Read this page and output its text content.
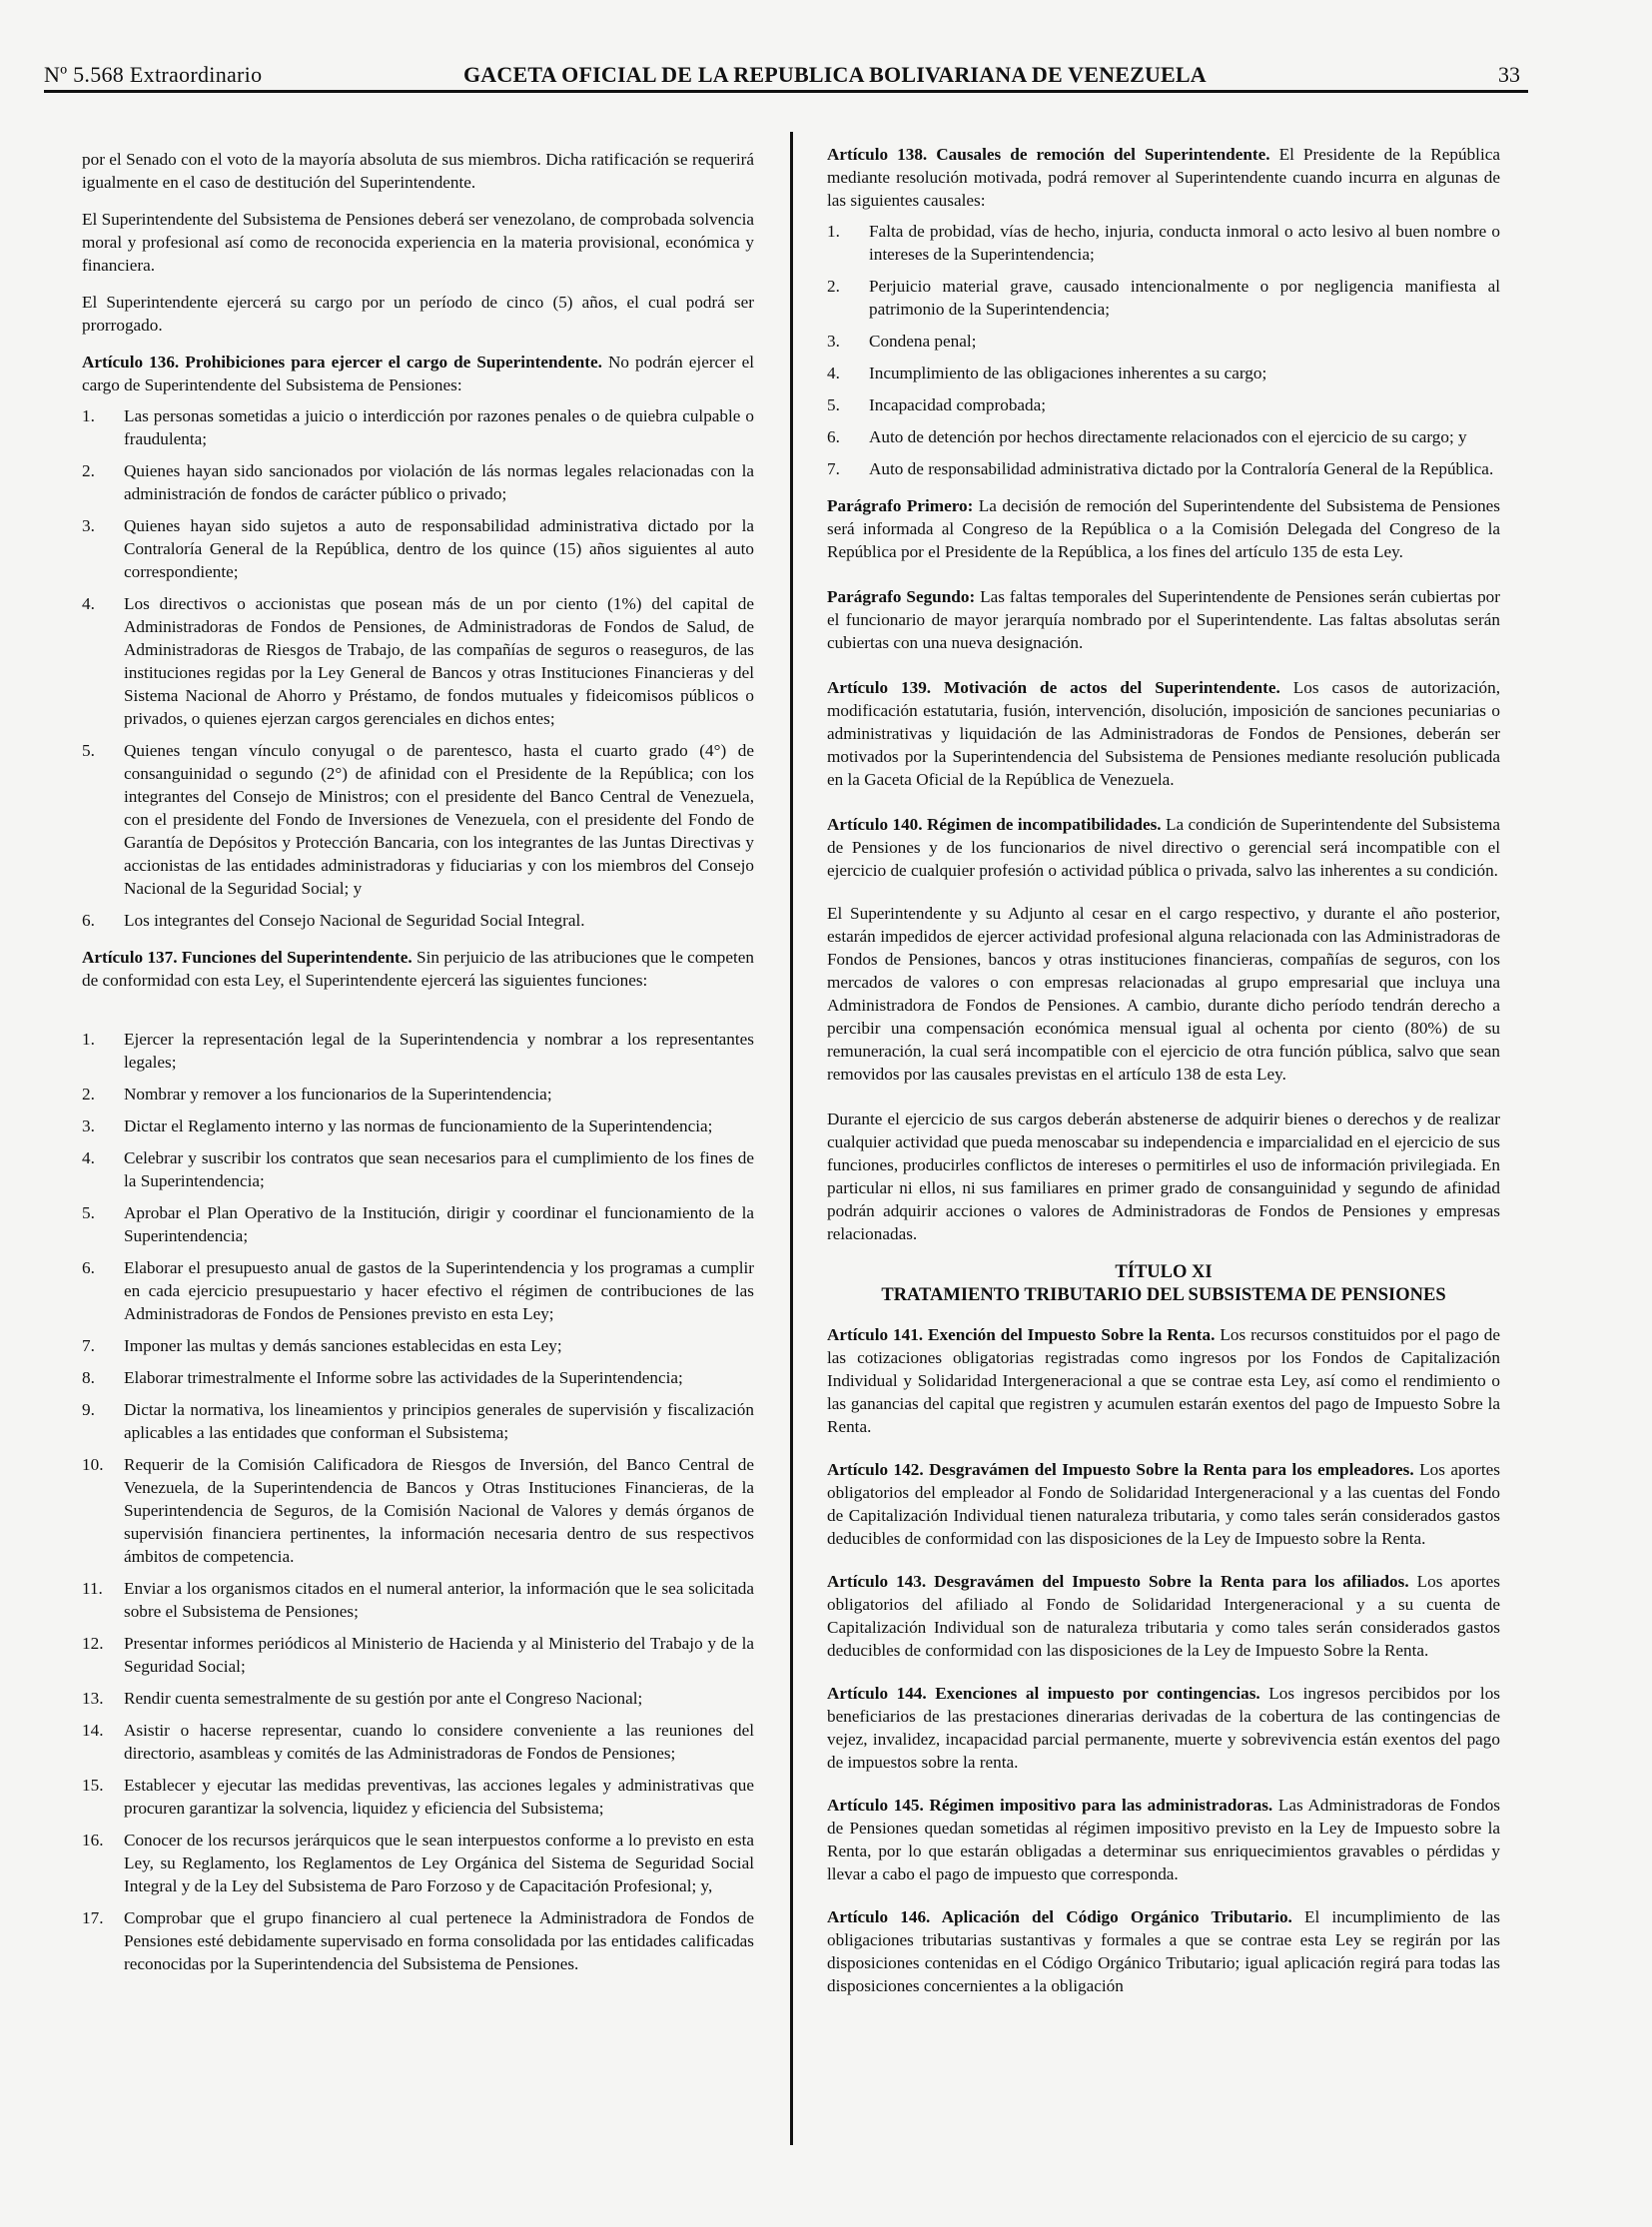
Nº 5.568 Extraordinario	GACETA OFICIAL DE LA REPUBLICA BOLIVARIANA DE VENEZUELA	33

por el Senado con el voto de la mayoría absoluta de sus miembros. Dicha ratificación se requerirá igualmente en el caso de destitución del Superintendente.

El Superintendente del Subsistema de Pensiones deberá ser venezolano, de comprobada solvencia moral y profesional así como de reconocida experiencia en la materia provisional, económica y financiera.

El Superintendente ejercerá su cargo por un período de cinco (5) años, el cual podrá ser prorrogado.

Artículo 136. Prohibiciones para ejercer el cargo de Superintendente. No podrán ejercer el cargo de Superintendente del Subsistema de Pensiones:

1.	Las personas sometidas a juicio o interdicción por razones penales o de quiebra culpable o fraudulenta;
2.	Quienes hayan sido sancionados por violación de lás normas legales relacionadas con la administración de fondos de carácter público o privado;
3.	Quienes hayan sido sujetos a auto de responsabilidad administrativa dictado por la Contraloría General de la República, dentro de los quince (15) años siguientes al auto correspondiente;
4.	Los directivos o accionistas que posean más de un por ciento (1%) del capital de Administradoras de Fondos de Pensiones, de Administradoras de Fondos de Salud, de Administradoras de Riesgos de Trabajo, de las compañías de seguros o reaseguros, de las instituciones regidas por la Ley General de Bancos y otras Instituciones Financieras y del Sistema Nacional de Ahorro y Préstamo, de fondos mutuales y fideicomisos públicos o privados, o quienes ejerzan cargos gerenciales en dichos entes;
5.	Quienes tengan vínculo conyugal o de parentesco, hasta el cuarto grado (4°) de consanguinidad o segundo (2°) de afinidad con el Presidente de la República; con los integrantes del Consejo de Ministros; con el presidente del Banco Central de Venezuela, con el presidente del Fondo de Inversiones de Venezuela, con el presidente del Fondo de Garantía de Depósitos y Protección Bancaria, con los integrantes de las Juntas Directivas y accionistas de las entidades administradoras y fiduciarias y con los miembros del Consejo Nacional de la Seguridad Social; y
6.	Los integrantes del Consejo Nacional de Seguridad Social Integral.

Artículo 137. Funciones del Superintendente. Sin perjuicio de las atribuciones que le competen de conformidad con esta Ley, el Superintendente ejercerá las siguientes funciones:

1.	Ejercer la representación legal de la Superintendencia y nombrar a los representantes legales;
2.	Nombrar y remover a los funcionarios de la Superintendencia;
3.	Dictar el Reglamento interno y las normas de funcionamiento de la Superintendencia;
4.	Celebrar y suscribir los contratos que sean necesarios para el cumplimiento de los fines de la Superintendencia;
5.	Aprobar el Plan Operativo de la Institución, dirigir y coordinar el funcionamiento de la Superintendencia;
6.	Elaborar el presupuesto anual de gastos de la Superintendencia y los programas a cumplir en cada ejercicio presupuestario y hacer efectivo el régimen de contribuciones de las Administradoras de Fondos de Pensiones previsto en esta Ley;
7.	Imponer las multas y demás sanciones establecidas en esta Ley;
8.	Elaborar trimestralmente el Informe sobre las actividades de la Superintendencia;
9.	Dictar la normativa, los lineamientos y principios generales de supervisión y fiscalización aplicables a las entidades que conforman el Subsistema;
10.	Requerir de la Comisión Calificadora de Riesgos de Inversión, del Banco Central de Venezuela, de la Superintendencia de Bancos y Otras Instituciones Financieras, de la Superintendencia de Seguros, de la Comisión Nacional de Valores y demás órganos de supervisión financiera pertinentes, la información necesaria dentro de sus respectivos ámbitos de competencia.
11.	Enviar a los organismos citados en el numeral anterior, la información que le sea solicitada sobre el Subsistema de Pensiones;
12.	Presentar informes periódicos al Ministerio de Hacienda y al Ministerio del Trabajo y de la Seguridad Social;
13.	Rendir cuenta semestralmente de su gestión por ante el Congreso Nacional;
14.	Asistir o hacerse representar, cuando lo considere conveniente a las reuniones del directorio, asambleas y comités de las Administradoras de Fondos de Pensiones;
15.	Establecer y ejecutar las medidas preventivas, las acciones legales y administrativas que procuren garantizar la solvencia, liquidez y eficiencia del Subsistema;
16.	Conocer de los recursos jerárquicos que le sean interpuestos conforme a lo previsto en esta Ley, su Reglamento, los Reglamentos de Ley Orgánica del Sistema de Seguridad Social Integral y de la Ley del Subsistema de Paro Forzoso y de Capacitación Profesional; y,
17.	Comprobar que el grupo financiero al cual pertenece la Administradora de Fondos de Pensiones esté debidamente supervisado en forma consolidada por las entidades calificadas reconocidas por la Superintendencia del Subsistema de Pensiones.

Artículo 138. Causales de remoción del Superintendente. El Presidente de la República mediante resolución motivada, podrá remover al Superintendente cuando incurra en algunas de las siguientes causales:

1.	Falta de probidad, vías de hecho, injuria, conducta inmoral o acto lesivo al buen nombre o intereses de la Superintendencia;
2.	Perjuicio material grave, causado intencionalmente o por negligencia manifiesta al patrimonio de la Superintendencia;
3.	Condena penal;
4.	Incumplimiento de las obligaciones inherentes a su cargo;
5.	Incapacidad comprobada;
6.	Auto de detención por hechos directamente relacionados con el ejercicio de su cargo; y
7.	Auto de responsabilidad administrativa dictado por la Contraloría General de la República.

Parágrafo Primero: La decisión de remoción del Superintendente del Subsistema de Pensiones será informada al Congreso de la República o a la Comisión Delegada del Congreso de la República por el Presidente de la República, a los fines del artículo 135 de esta Ley.

Parágrafo Segundo: Las faltas temporales del Superintendente de Pensiones serán cubiertas por el funcionario de mayor jerarquía nombrado por el Superintendente. Las faltas absolutas serán cubiertas con una nueva designación.

Artículo 139. Motivación de actos del Superintendente. Los casos de autorización, modificación estatutaria, fusión, intervención, disolución, imposición de sanciones pecuniarias o administrativas y liquidación de las Administradoras de Fondos de Pensiones, deberán ser motivados por la Superintendencia del Subsistema de Pensiones mediante resolución publicada en la Gaceta Oficial de la República de Venezuela.

Artículo 140. Régimen de incompatibilidades. La condición de Superintendente del Subsistema de Pensiones y de los funcionarios de nivel directivo o gerencial será incompatible con el ejercicio de cualquier profesión o actividad pública o privada, salvo las inherentes a su condición.

El Superintendente y su Adjunto al cesar en el cargo respectivo, y durante el año posterior, estarán impedidos de ejercer actividad profesional alguna relacionada con las Administradoras de Fondos de Pensiones, bancos y otras instituciones financieras, compañías de seguros, con los mercados de valores o con empresas relacionadas al grupo empresarial que incluya una Administradora de Fondos de Pensiones. A cambio, durante dicho período tendrán derecho a percibir una compensación económica mensual igual al ochenta por ciento (80%) de su remuneración, la cual será incompatible con el ejercicio de otra función pública, salvo que sean removidos por las causales previstas en el artículo 138 de esta Ley.

Durante el ejercicio de sus cargos deberán abstenerse de adquirir bienes o derechos y de realizar cualquier actividad que pueda menoscabar su independencia e imparcialidad en el ejercicio de sus funciones, producirles conflictos de intereses o permitirles el uso de información privilegiada. En particular ni ellos, ni sus familiares en primer grado de consanguinidad y segundo de afinidad podrán adquirir acciones o valores de Administradoras de Fondos de Pensiones y empresas relacionadas.

TÍTULO XI
TRATAMIENTO TRIBUTARIO DEL SUBSISTEMA DE PENSIONES

Artículo 141. Exención del Impuesto Sobre la Renta. Los recursos constituidos por el pago de las cotizaciones obligatorias registradas como ingresos por los Fondos de Capitalización Individual y Solidaridad Intergeneracional a que se contrae esta Ley, así como el rendimiento o las ganancias del capital que registren y acumulen estarán exentos del pago de Impuesto Sobre la Renta.

Artículo 142. Desgravámen del Impuesto Sobre la Renta para los empleadores. Los aportes obligatorios del empleador al Fondo de Solidaridad Intergeneracional y a las cuentas del Fondo de Capitalización Individual tienen naturaleza tributaria, y como tales serán considerados gastos deducibles de conformidad con las disposiciones de la Ley de Impuesto sobre la Renta.

Artículo 143. Desgravámen del Impuesto Sobre la Renta para los afiliados. Los aportes obligatorios del afiliado al Fondo de Solidaridad Intergeneracional y a su cuenta de Capitalización Individual son de naturaleza tributaria y como tales serán considerados gastos deducibles de conformidad con las disposiciones de la Ley de Impuesto Sobre la Renta.

Artículo 144. Exenciones al impuesto por contingencias. Los ingresos percibidos por los beneficiarios de las prestaciones dinerarias derivadas de la cobertura de las contingencias de vejez, invalidez, incapacidad parcial permanente, muerte y sobrevivencia están exentos del pago de impuestos sobre la renta.

Artículo 145. Régimen impositivo para las administradoras. Las Administradoras de Fondos de Pensiones quedan sometidas al régimen impositivo previsto en la Ley de Impuesto sobre la Renta, por lo que estarán obligadas a determinar sus enriquecimientos gravables o pérdidas y llevar a cabo el pago de impuesto que corresponda.

Artículo 146. Aplicación del Código Orgánico Tributario. El incumplimiento de las obligaciones tributarias sustantivas y formales a que se contrae esta Ley se regirán por las disposiciones contenidas en el Código Orgánico Tributario; igual aplicación regirá para todas las disposiciones concernientes a la obligación
